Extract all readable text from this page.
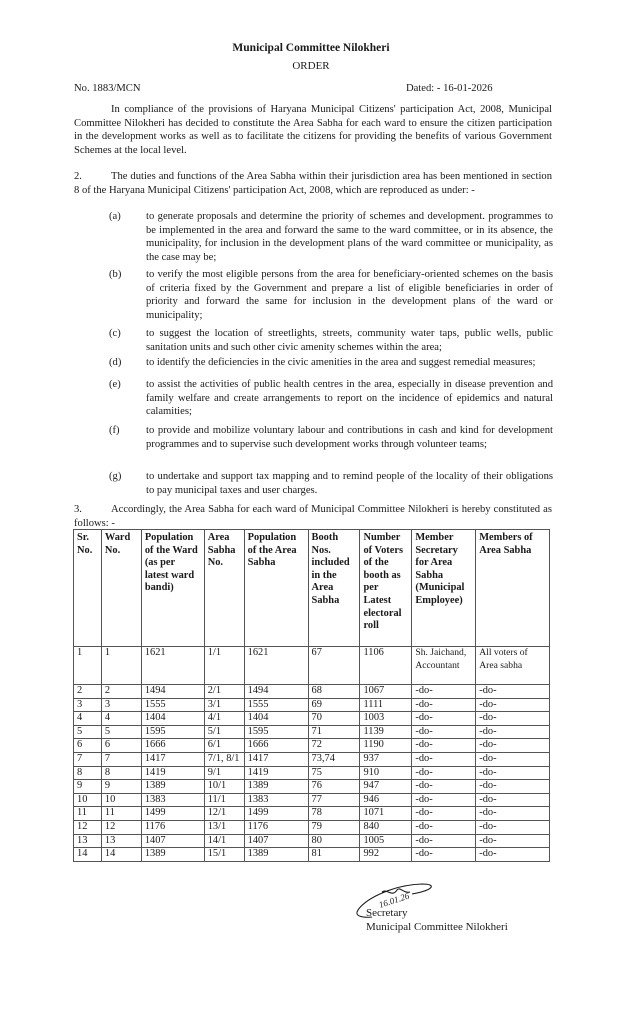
Municipal Committee Nilokheri
ORDER
No. 1883/MCN	Dated: - 16-01-2026
In compliance of the provisions of Haryana Municipal Citizens' participation Act, 2008, Municipal Committee Nilokheri has decided to constitute the Area Sabha for each ward to ensure the citizen participation in the development works as well as to facilitate the citizens for providing the benefits of various Government Schemes at the local level.
2.	The duties and functions of the Area Sabha within their jurisdiction area has been mentioned in section 8 of the Haryana Municipal Citizens' participation Act, 2008, which are reproduced as under: -
(a)	to generate proposals and determine the priority of schemes and development. programmes to be implemented in the area and forward the same to the ward committee, or in its absence, the municipality, for inclusion in the development plans of the ward committee or municipality, as the case may be;
(b)	to verify the most eligible persons from the area for beneficiary-oriented schemes on the basis of criteria fixed by the Government and prepare a list of eligible beneficiaries in order of priority and forward the same for inclusion in the development plans of the ward or municipality;
(c)	to suggest the location of streetlights, streets, community water taps, public wells, public sanitation units and such other civic amenity schemes within the area;
(d)	to identify the deficiencies in the civic amenities in the area and suggest remedial measures;
(e)	to assist the activities of public health centres in the area, especially in disease prevention and family welfare and create arrangements to report on the incidence of epidemics and natural calamities;
(f)	to provide and mobilize voluntary labour and contributions in cash and kind for development programmes and to supervise such development works through volunteer teams;
(g)	to undertake and support tax mapping and to remind people of the locality of their obligations to pay municipal taxes and user charges.
3.	Accordingly, the Area Sabha for each ward of Municipal Committee Nilokheri is hereby constituted as follows: -
Sr. No.	Ward No.	Population of the Ward (as per latest ward bandi)	Area Sabha No.	Population of the Area Sabha	Booth Nos. included in the Area Sabha	Number of Voters of the booth as per Latest electoral roll	Member Secretary for Area Sabha (Municipal Employee)	Members of Area Sabha
1	1	1621	1/1	1621	67	1106	Sh. Jaichand, Accountant	All voters of Area sabha
2	2	1494	2/1	1494	68	1067	-do-	-do-
3	3	1555	3/1	1555	69	1111	-do-	-do-
4	4	1404	4/1	1404	70	1003	-do-	-do-
5	5	1595	5/1	1595	71	1139	-do-	-do-
6	6	1666	6/1	1666	72	1190	-do-	-do-
7	7	1417	7/1, 8/1	1417	73,74	937	-do-	-do-
8	8	1419	9/1	1419	75	910	-do-	-do-
9	9	1389	10/1	1389	76	947	-do-	-do-
10	10	1383	11/1	1383	77	946	-do-	-do-
11	11	1499	12/1	1499	78	1071	-do-	-do-
12	12	1176	13/1	1176	79	840	-do-	-do-
13	13	1407	14/1	1407	80	1005	-do-	-do-
14	14	1389	15/1	1389	81	992	-do-	-do-
16.01.26
Secretary
Municipal Committee Nilokheri
